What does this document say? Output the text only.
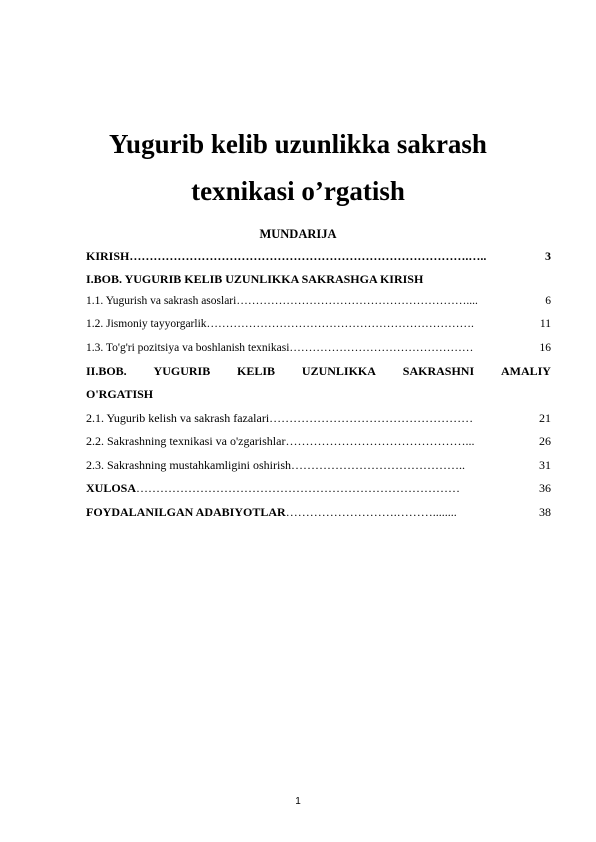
Yugurib kelib uzunlikka sakrash
texnikasi o’rgatish
MUNDARIJA
KIRISH ………………………………………………………………………….…..	3
I.BOB. YUGURIB KELIB UZUNLIKKA SAKRASHGA KIRISH
1.1. Yugurish va sakrash asoslari ……………………………………………………....	6
1.2. Jismoniy tayyorgarlik …………………………………………………………….	11
1.3. To'g'ri pozitsiya va boshlanish texnikasi …………………………………………	16
II.BOB. YUGURIB KELIB UZUNLIKKA SAKRASHNI AMALIY
O'RGATISH
2.1. Yugurib kelish va sakrash fazalari ……………………………………………	21
2.2. Sakrashning texnikasi va o'zgarishlar ………………………………………...	26
2.3. Sakrashning mustahkamligini oshirish ……………………………………..	31
XULOSA ………………………………………………………………………	36
FOYDALANILGAN ADABIYOTLAR ……………………….………........	38
1
